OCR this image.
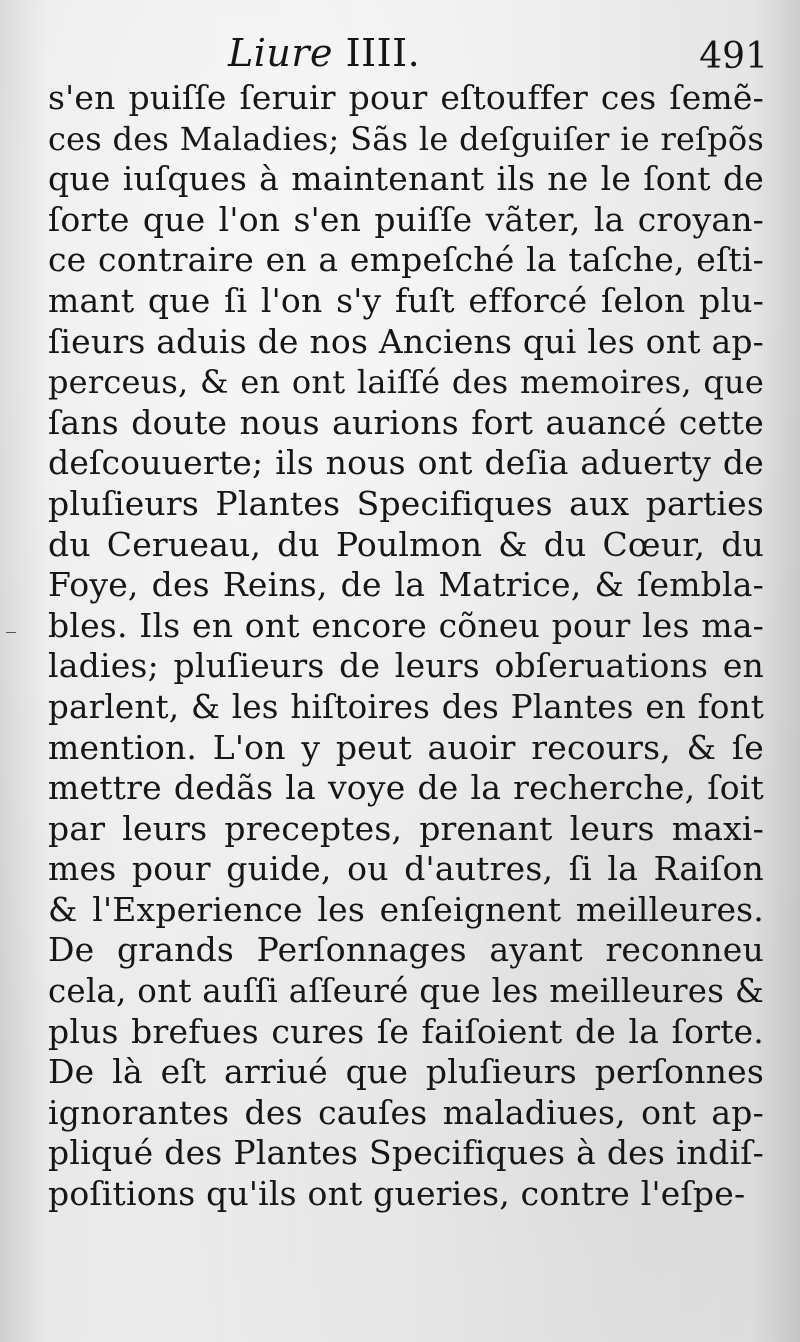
Liure IIII.	491
s'en puiſſe ſeruir pour eſtouffer ces ſemẽ-
ces des Maladies; Sãs le deſguiſer ie reſpõs
que iuſques à maintenant ils ne le ſont de
ſorte que l'on s'en puiſſe vãter, la croyan-
ce contraire en a empeſché la taſche, eſti-
mant que ſi l'on s'y fuſt efforcé ſelon plu-
ſieurs aduis de nos Anciens qui les ont ap-
perceus, & en ont laiſſé des memoires, que
ſans doute nous aurions fort auancé cette
deſcouuerte; ils nous ont deſia aduerty de
pluſieurs Plantes Specifiques aux parties
du Cerueau, du Poulmon & du Cœur, du
Foye, des Reins, de la Matrice, & ſembla-
bles. Ils en ont encore cõneu pour les ma-
ladies; pluſieurs de leurs obſeruations en
parlent, & les hiſtoires des Plantes en font
mention. L'on y peut auoir recours, & ſe
mettre dedãs la voye de la recherche, ſoit
par leurs preceptes, prenant leurs maxi-
mes pour guide, ou d'autres, ſi la Raiſon
& l'Experience les enſeignent meilleures.
De grands Perſonnages ayant reconneu
cela, ont auſſi aſſeuré que les meilleures &
plus brefues cures ſe faiſoient de la ſorte.
De là eſt arriué que pluſieurs perſonnes
ignorantes des cauſes maladiues, ont ap-
pliqué des Plantes Specifiques à des indiſ-
poſitions qu'ils ont gueries, contre l'eſpe-
